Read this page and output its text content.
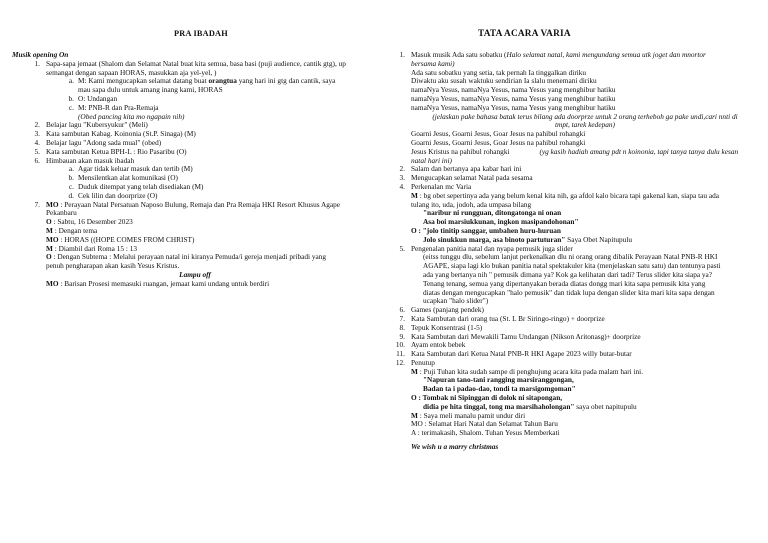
PRA IBADAH

Musik opening On

1. Sapa-sapa jemaat (Shalom dan Selamat Natal buat kita semua, basa basi (puji audience, cantik gtg), up

semangat dengan sapaan HORAS, masukkan aja yel-yel, )

a. M: Kami mengucapkan selamat datang buat orangtua yang hari ini gtg dan cantik, saya

mau sapa dulu untuk amang inang kami, HORAS

b. O: Undangan

c. M: PNB-R dan Pra-Remaja

(Obed pancing kita mo ngapain nih)

2. Belajar lagu "Kubersyukur" (Meli)

3. Kata sambutan Kabag. Koinonia (St.P. Sinaga) (M)

4. Belajar lagu "Adong sada mual" (obed)

5. Kata sambutan Ketua BPH-L : Rio Pasaribu (O)

6. Himbauan akan masuk ibadah

a. Agar tidak keluar masuk dan tertib (M)

b. Mensilentkan alat komunikasi (O)

c. Duduk ditempat yang telah disediakan (M)

d. Cek lilin dan doorprize (O)

7. MO : Perayaan Natal Persatuan Naposo Bulung, Remaja dan Pra Remaja HKI Resort Khusus Agape

Pekanbaru

O : Sabtu, 16 Desember 2023

M : Dengan tema

MO : HORAS ((HOPE COMES FROM CHRIST)

M : Diambil dari Roma 15 : 13

O : Dengan Subtema : Melalui perayaan natal ini kiranya Pemuda/i gereja menjadi pribadi yang

penuh pengharapan akan kasih Yesus Kristus.

Lampu off

MO : Barisan Prosesi memasuki ruangan, jemaat kami undang untuk berdiri

TATA ACARA VARIA
1. Masuk musik Ada satu sobatku (Halo selamat natal, kami mengundang semua utk joget dan mnortor

bersama kami)

Ada satu sobatku yang setia, tak pernah Ia tinggalkan diriku

Diwaktu aku susah waktuku sendirian Ia slalu menemani diriku

namaNya Yesus, namaNya Yesus, nama Yesus yang menghibur hatiku

namaNya Yesus, namaNya Yesus, nama Yesus yang menghibur hatiku

namaNya Yesus, namaNya Yesus, nama Yesus yang menghibur hatiku

(jelaskan pake bahasa batak terus bilang ada doorprze untuk 2 orang terheboh ga pake undi,cari nnti di

tmpt, tarek kedepan)

Goarni Jesus, Goarni Jesus, Goar Jesus na pahibul rohangki

Goarni Jesus, Goarni Jesus, Goar Jesus na pahibul rohangki

Jesus Kristus na pahibul rohangki	(yg kasih hadiah amang pdt n koinonia, tapi tanya tanya dulu kesan

natal hari ini)

2. Salam dan bertanya apa kabar hari ini

3. Mengucapkan selamat Natal pada sesama

4. Perkenalan mc Varia

M : bg obet sepertinya ada yang belum kenal kita nih, ga afdol kalo bicara tapi gakenal kan, siapa tau ada

tulang ito, uda, jodoh, ada umpasa bilang

"naribur ni rungguan, ditongatonga ni onan

Asa boi marsiukkunan, ingkon masipandohonan"

O : "jolo tinitip sanggar, umbahen huru-huruan

Jolo sinukkun marga, asa binoto partuturan" Saya Obet Napitupulu

5. Pengenalan panitia natal dan nyapa pemusik juga slider

(eitss tunggu dlu, sebelum lanjut perkenalkan dlu ni orang orang dibalik Perayaan Natal PNB-R HKI

AGAPE, siapa lagi klo bukan panitia natal spektakuler kita (menjelaskan satu satu) dan tentunya pasti

ada yang bertanya nih " pemusik dimana ya? Kok ga kelihatan dari tadi? Terus slider kita siapa ya?

Tenang tenang, semua yang dipertanyakan berada diatas dongg mari kita sapa pemusik kita yang

diatas dengan mengucapkan "halo pemusik" dan tidak lupa dengan slider kita mari kita sapa dengan

ucapkan "halo slider")

6. Games (panjang pendek)

7. Kata Sambutan dari orang tua (St. L Br Siringo-ringo) + doorprize

8. Tepuk Konsentrasi (1-5)

9. Kata Sambutan dari Mewakili Tamu Undangan (Nikson Aritonasg)+ doorprize

10. Ayam entok bebek

11. Kata Sambutan dari Ketua Natal PNB-R HKI Agape 2023 willy butar-butar

12. Penutup

M : Puji Tuhan kita sudah sampe di penghujung acara kita pada malam hari ini.

"Napuran tano-tani rangging marsiranggongan,

Badan ta i padao-dao, tondi ta marsigomgoman"

O : Tombak ni Sipinggan di dolok ni sitapongan,

didia pe hita tinggal, tong ma marsihaholongan" saya obet napitupulu

M : Saya meli manalu pamit undur diri

MO : Selamat Hari Natal dan Selamat Tahun Baru

A : terimakasih, Shalom. Tuhan Yesus Memberkati

We wish u a marry christmas
